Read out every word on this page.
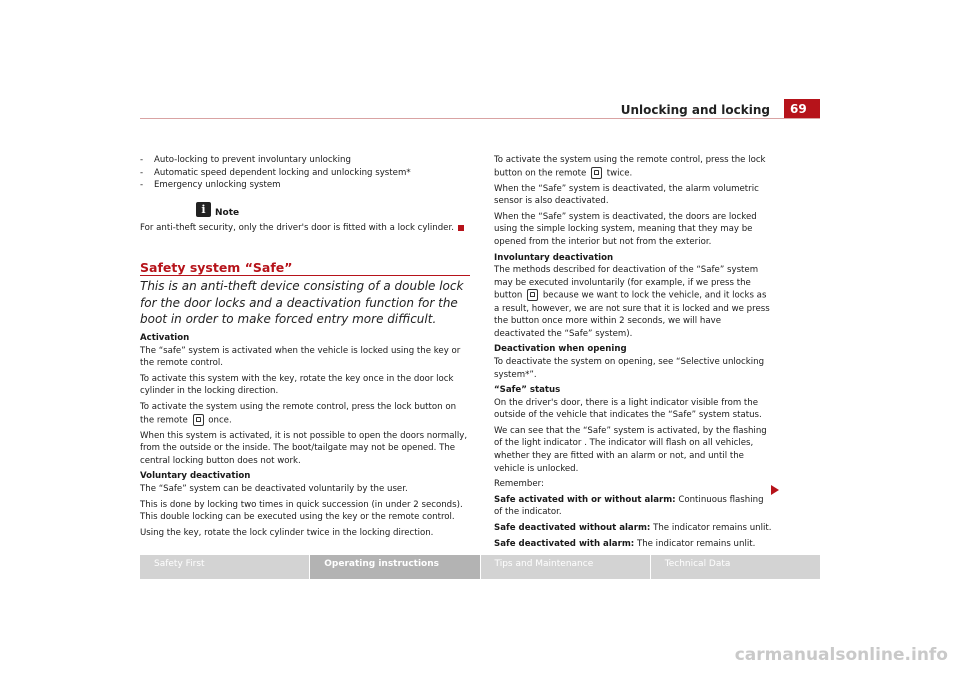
Unlocking and locking	69
-	Auto-locking to prevent involuntary unlocking
-	Automatic speed dependent locking and unlocking system*
-	Emergency unlocking system
i
Note
For anti-theft security, only the driver's door is fitted with a lock cylinder.
Safety system “Safe”
This is an anti-theft device consisting of a double lock for the door locks and a deactivation function for the boot in order to make forced entry more difficult.

Activation

The “safe” system is activated when the vehicle is locked using the key or the remote control.

To activate this system with the key, rotate the key once in the door lock cylinder in the locking direction.

To activate the system using the remote control, press the lock button on the remote once.

When this system is activated, it is not possible to open the doors normally, from the outside or the inside. The boot/tailgate may not be opened. The central locking button does not work.

Voluntary deactivation

The “Safe” system can be deactivated voluntarily by the user.

This is done by locking two times in quick succession (in under 2 seconds). This double locking can be executed using the key or the remote control.

Using the key, rotate the lock cylinder twice in the locking direction.

To activate the system using the remote control, press the lock button on the remote twice.

When the “Safe” system is deactivated, the alarm volumetric sensor is also deactivated.

When the “Safe” system is deactivated, the doors are locked using the simple locking system, meaning that they may be opened from the interior but not from the exterior.

Involuntary deactivation

The methods described for deactivation of the “Safe” system may be executed involuntarily (for example, if we press the button because we want to lock the vehicle, and it locks as a result, however, we are not sure that it is locked and we press the button once more within 2 seconds, we will have deactivated the “Safe” system).

Deactivation when opening

To deactivate the system on opening, see “Selective unlocking system*”.

“Safe” status

On the driver's door, there is a light indicator visible from the outside of the vehicle that indicates the “Safe” system status.

We can see that the “Safe” system is activated, by the flashing of the light indicator . The indicator will flash on all vehicles, whether they are fitted with an alarm or not, and until the vehicle is unlocked.

Remember:

Safe activated with or without alarm: Continuous flashing of the indicator.

Safe deactivated without alarm: The indicator remains unlit.

Safe deactivated with alarm: The indicator remains unlit.

Safety First	Operating instructions	Tips and Maintenance	Technical Data
carmanualsonline.info
